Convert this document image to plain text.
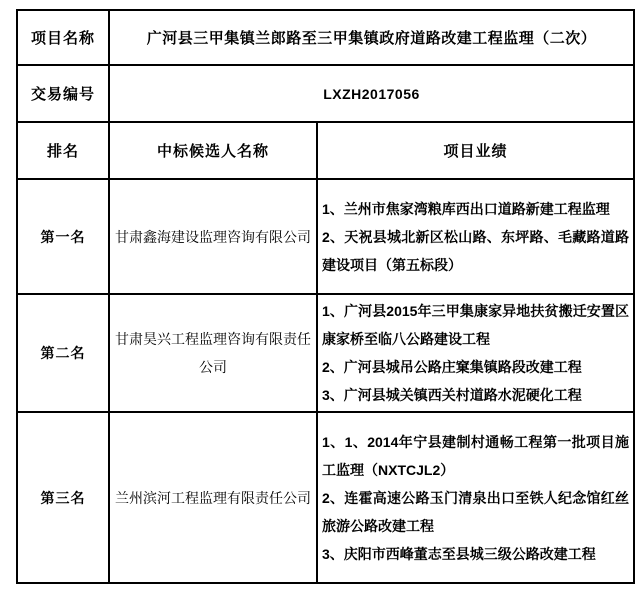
项目名称	广河县三甲集镇兰郎路至三甲集镇政府道路改建工程监理（二次）	
交易编号	LXZH2017056	
排名	中标候选人名称	项目业绩
第一名	甘肃鑫海建设监理咨询有限公司	1、兰州市焦家湾粮库西出口道路新建工程监理
2、天祝县城北新区松山路、东坪路、毛藏路道路建设项目（第五标段）

第二名	甘肃昊兴工程监理咨询有限责任公司	1、广河县2015年三甲集康家异地扶贫搬迁安置区康家桥至临八公路建设工程
2、广河县城吊公路庄窠集镇路段改建工程
3、广河县城关镇西关村道路水泥硬化工程

第三名	兰州滨河工程监理有限责任公司	1、1、2014年宁县建制村通畅工程第一批项目施工监理（NXTCJL2）
2、连霍高速公路玉门清泉出口至铁人纪念馆红丝旅游公路改建工程
3、庆阳市西峰董志至县城三级公路改建工程
